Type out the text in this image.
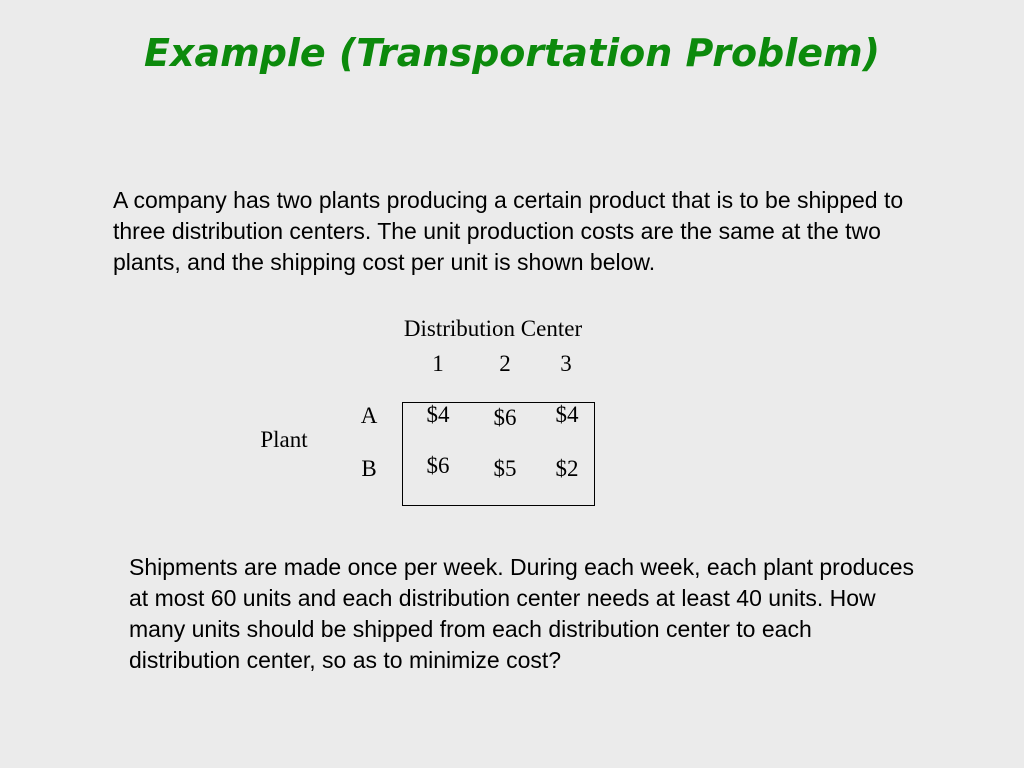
Example (Transportation Problem)

A company has two plants producing a certain product that is to be shipped to three distribution centers. The unit production costs are the same at the two plants, and the shipping cost per unit is shown below.

Distribution Center
1 2 3
Plant
A
B
$4 $6 $4
$6 $5 $2

Shipments are made once per week. During each week, each plant produces at most 60 units and each distribution center needs at least 40 units. How many units should be shipped from each distribution center to each distribution center, so as to minimize cost?
